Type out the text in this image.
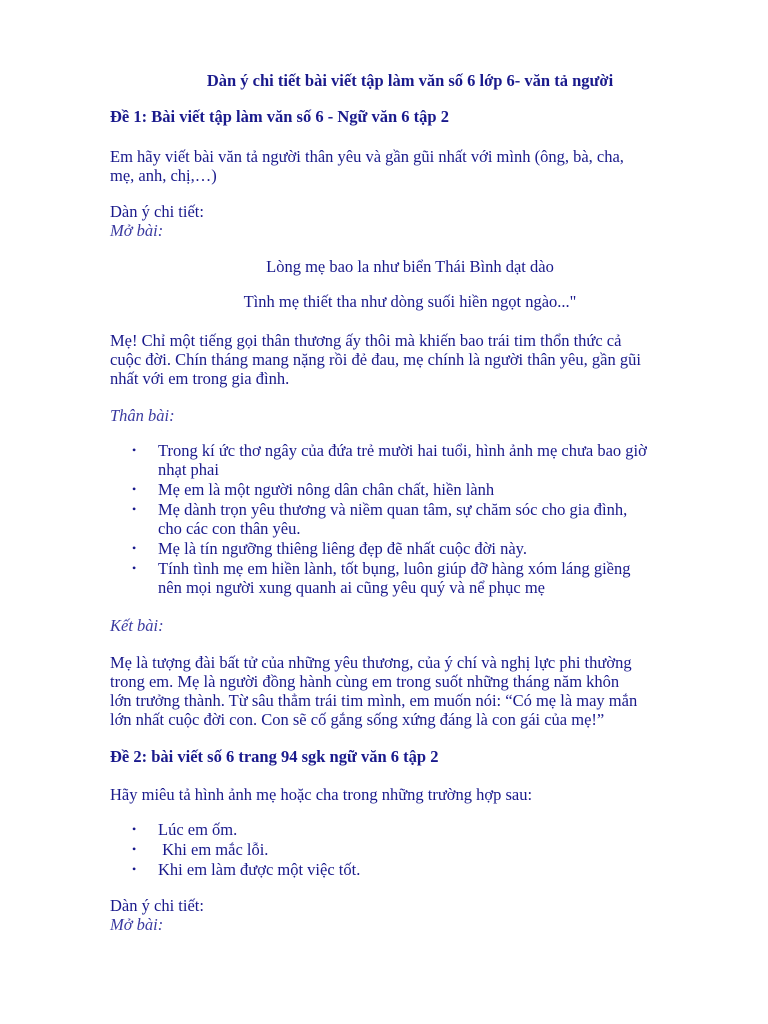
Dàn ý chi tiết bài viết tập làm văn số 6 lớp 6- văn tả người
Đề 1: Bài viết tập làm văn số 6 - Ngữ văn 6 tập 2
Em hãy viết bài văn tả người thân yêu và gần gũi nhất với mình (ông, bà, cha,
mẹ, anh, chị,…)
Dàn ý chi tiết:
Mở bài:
Lòng mẹ bao la như biển Thái Bình dạt dào
Tình mẹ thiết tha như dòng suối hiền ngọt ngào..."
Mẹ! Chỉ một tiếng gọi thân thương ấy thôi mà khiến bao trái tim thổn thức cả
cuộc đời. Chín tháng mang nặng rồi đẻ đau, mẹ chính là người thân yêu, gần gũi
nhất với em trong gia đình.
Thân bài:
• Trong kí ức thơ ngây của đứa trẻ mười hai tuổi, hình ảnh mẹ chưa bao giờ
nhạt phai
• Mẹ em là một người nông dân chân chất, hiền lành
• Mẹ dành trọn yêu thương và niềm quan tâm, sự chăm sóc cho gia đình,
cho các con thân yêu.
• Mẹ là tín ngưỡng thiêng liêng đẹp đẽ nhất cuộc đời này.
• Tính tình mẹ em hiền lành, tốt bụng, luôn giúp đỡ hàng xóm láng giềng
nên mọi người xung quanh ai cũng yêu quý và nể phục mẹ
Kết bài:
Mẹ là tượng đài bất tử của những yêu thương, của ý chí và nghị lực phi thường
trong em. Mẹ là người đồng hành cùng em trong suốt những tháng năm khôn
lớn trưởng thành. Từ sâu thẳm trái tim mình, em muốn nói: “Có mẹ là may mắn
lớn nhất cuộc đời con. Con sẽ cố gắng sống xứng đáng là con gái của mẹ!”
Đề 2: bài viết số 6 trang 94 sgk ngữ văn 6 tập 2
Hãy miêu tả hình ảnh mẹ hoặc cha trong những trường hợp sau:
• Lúc em ốm.
• Khi em mắc lỗi.
• Khi em làm được một việc tốt.
Dàn ý chi tiết:
Mở bài:
